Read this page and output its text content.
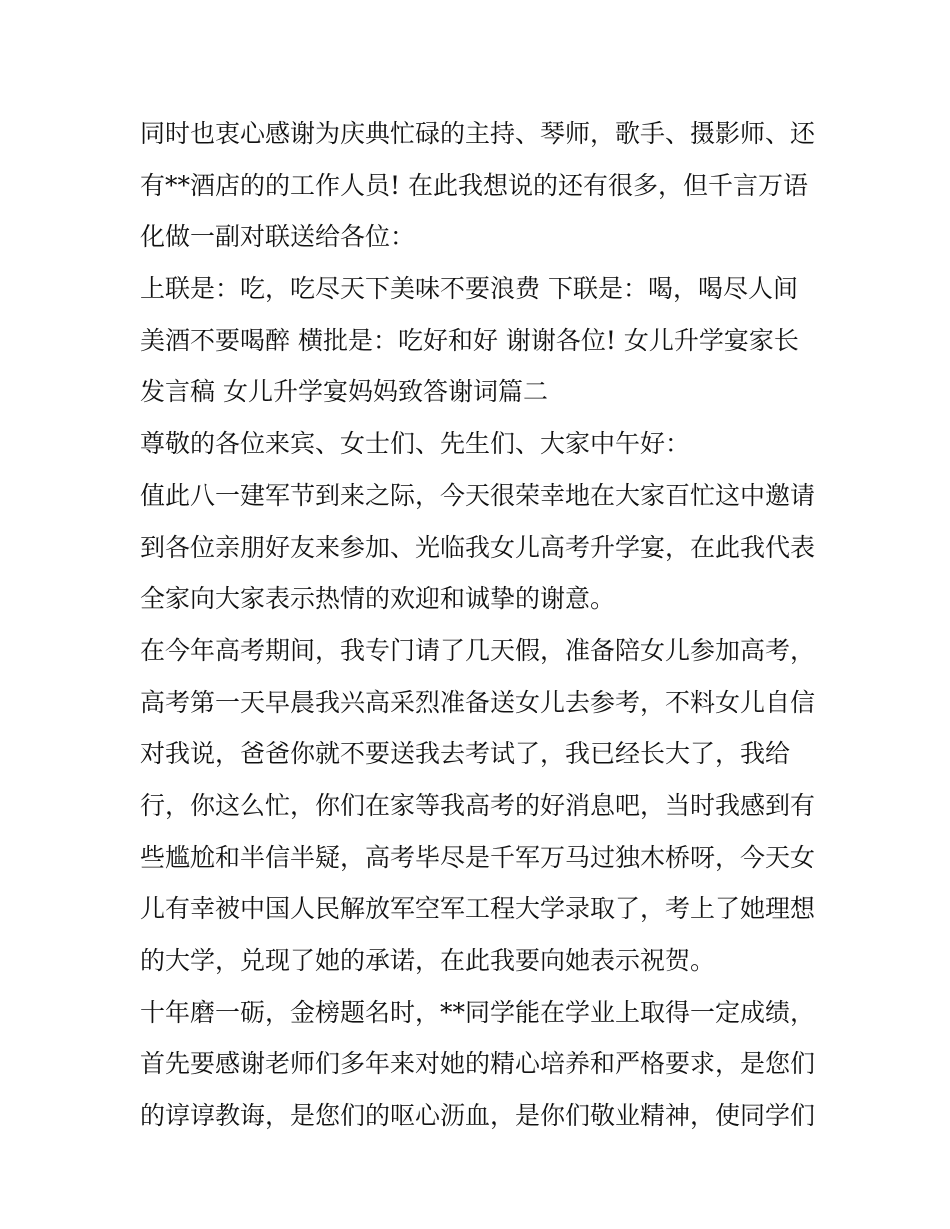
同时也衷心感谢为庆典忙碌的主持、琴师，歌手、摄影师、还
有**酒店的的工作人员! 在此我想说的还有很多，但千言万语
化做一副对联送给各位：
上联是：吃，吃尽天下美味不要浪费 下联是：喝，喝尽人间
美酒不要喝醉 横批是：吃好和好 谢谢各位! 女儿升学宴家长
发言稿 女儿升学宴妈妈致答谢词篇二
尊敬的各位来宾、女士们、先生们、大家中午好：
值此八一建军节到来之际，今天很荣幸地在大家百忙这中邀请
到各位亲朋好友来参加、光临我女儿高考升学宴，在此我代表
全家向大家表示热情的欢迎和诚挚的谢意。
在今年高考期间，我专门请了几天假，准备陪女儿参加高考，
高考第一天早晨我兴高采烈准备送女儿去参考，不料女儿自信
对我说，爸爸你就不要送我去考试了，我已经长大了，我给
行，你这么忙，你们在家等我高考的好消息吧，当时我感到有
些尴尬和半信半疑，高考毕尽是千军万马过独木桥呀，今天女
儿有幸被中国人民解放军空军工程大学录取了，考上了她理想
的大学，兑现了她的承诺，在此我要向她表示祝贺。
十年磨一砺，金榜题名时，**同学能在学业上取得一定成绩，
首先要感谢老师们多年来对她的精心培养和严格要求，是您们
的谆谆教诲，是您们的呕心沥血，是你们敬业精神，使同学们
